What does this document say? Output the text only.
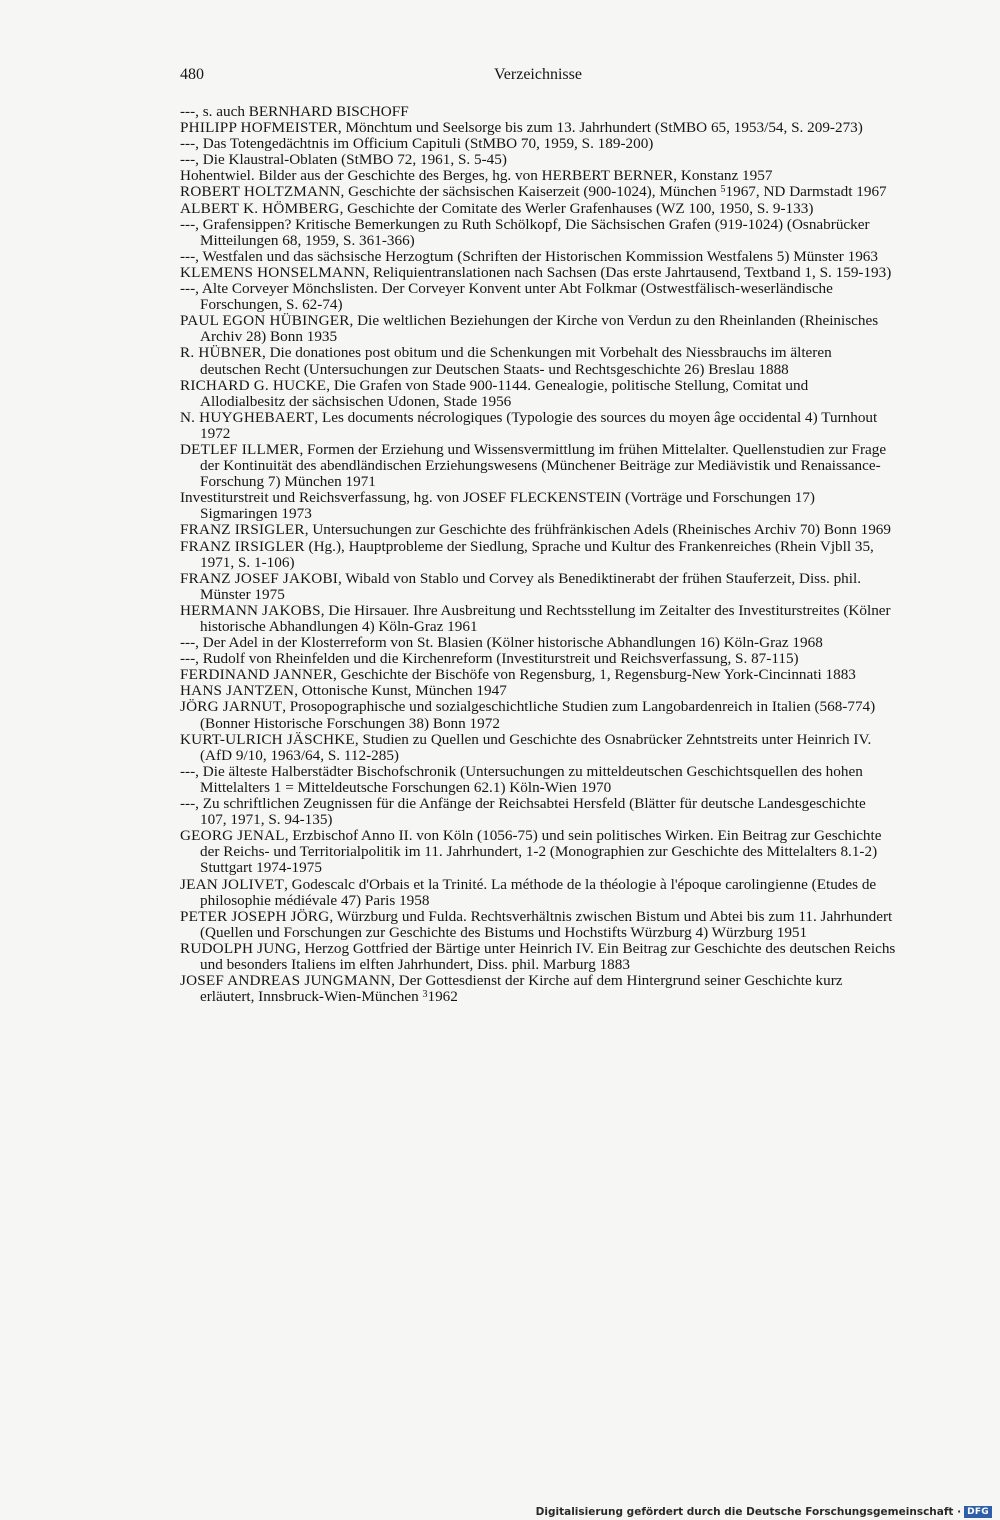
480	Verzeichnisse
---, s. auch BERNHARD BISCHOFF
PHILIPP HOFMEISTER, Mönchtum und Seelsorge bis zum 13. Jahrhundert (StMBO 65, 1953/54, S. 209-273)
---, Das Totengedächtnis im Officium Capituli (StMBO 70, 1959, S. 189-200)
---, Die Klaustral-Oblaten (StMBO 72, 1961, S. 5-45)
Hohentwiel. Bilder aus der Geschichte des Berges, hg. von HERBERT BERNER, Konstanz 1957
ROBERT HOLTZMANN, Geschichte der sächsischen Kaiserzeit (900-1024), München $^5$1967, ND Darmstadt 1967
ALBERT K. HÖMBERG, Geschichte der Comitate des Werler Grafenhauses (WZ 100, 1950, S. 9-133)
---, Grafensippen? Kritische Bemerkungen zu Ruth Schölkopf, Die Sächsischen Grafen (919-1024) (Osnabrücker Mitteilungen 68, 1959, S. 361-366)
---, Westfalen und das sächsische Herzogtum (Schriften der Historischen Kommission Westfalens 5) Münster 1963
KLEMENS HONSELMANN, Reliquientranslationen nach Sachsen (Das erste Jahrtausend, Textband 1, S. 159-193)
---, Alte Corveyer Mönchslisten. Der Corveyer Konvent unter Abt Folkmar (Ostwestfälisch-weserländische Forschungen, S. 62-74)
PAUL EGON HÜBINGER, Die weltlichen Beziehungen der Kirche von Verdun zu den Rheinlanden (Rheinisches Archiv 28) Bonn 1935
R. HÜBNER, Die donationes post obitum und die Schenkungen mit Vorbehalt des Niessbrauchs im älteren deutschen Recht (Untersuchungen zur Deutschen Staats- und Rechtsgeschichte 26) Breslau 1888
RICHARD G. HUCKE, Die Grafen von Stade 900-1144. Genealogie, politische Stellung, Comitat und Allodialbesitz der sächsischen Udonen, Stade 1956
N. HUYGHEBAERT, Les documents nécrologiques (Typologie des sources du moyen âge occidental 4) Turnhout 1972
DETLEF ILLMER, Formen der Erziehung und Wissensvermittlung im frühen Mittelalter. Quellenstudien zur Frage der Kontinuität des abendländischen Erziehungswesens (Münchener Beiträge zur Mediävistik und Renaissance-Forschung 7) München 1971
Investiturstreit und Reichsverfassung, hg. von JOSEF FLECKENSTEIN (Vorträge und Forschungen 17) Sigmaringen 1973
FRANZ IRSIGLER, Untersuchungen zur Geschichte des frühfränkischen Adels (Rheinisches Archiv 70) Bonn 1969
FRANZ IRSIGLER (Hg.), Hauptprobleme der Siedlung, Sprache und Kultur des Frankenreiches (Rhein Vjbll 35, 1971, S. 1-106)
FRANZ JOSEF JAKOBI, Wibald von Stablo und Corvey als Benediktinerabt der frühen Stauferzeit, Diss. phil. Münster 1975
HERMANN JAKOBS, Die Hirsauer. Ihre Ausbreitung und Rechtsstellung im Zeitalter des Investiturstreites (Kölner historische Abhandlungen 4) Köln-Graz 1961
---, Der Adel in der Klosterreform von St. Blasien (Kölner historische Abhandlungen 16) Köln-Graz 1968
---, Rudolf von Rheinfelden und die Kirchenreform (Investiturstreit und Reichsverfassung, S. 87-115)
FERDINAND JANNER, Geschichte der Bischöfe von Regensburg, 1, Regensburg-New York-Cincinnati 1883
HANS JANTZEN, Ottonische Kunst, München 1947
JÖRG JARNUT, Prosopographische und sozialgeschichtliche Studien zum Langobardenreich in Italien (568-774) (Bonner Historische Forschungen 38) Bonn 1972
KURT-ULRICH JÄSCHKE, Studien zu Quellen und Geschichte des Osnabrücker Zehntstreits unter Heinrich IV. (AfD 9/10, 1963/64, S. 112-285)
---, Die älteste Halberstädter Bischofschronik (Untersuchungen zu mitteldeutschen Geschichtsquellen des hohen Mittelalters 1 = Mitteldeutsche Forschungen 62.1) Köln-Wien 1970
---, Zu schriftlichen Zeugnissen für die Anfänge der Reichsabtei Hersfeld (Blätter für deutsche Landesgeschichte 107, 1971, S. 94-135)
GEORG JENAL, Erzbischof Anno II. von Köln (1056-75) und sein politisches Wirken. Ein Beitrag zur Geschichte der Reichs- und Territorialpolitik im 11. Jahrhundert, 1-2 (Monographien zur Geschichte des Mittelalters 8.1-2) Stuttgart 1974-1975
JEAN JOLIVET, Godescalc d'Orbais et la Trinité. La méthode de la théologie à l'époque carolingienne (Etudes de philosophie médiévale 47) Paris 1958
PETER JOSEPH JÖRG, Würzburg und Fulda. Rechtsverhältnis zwischen Bistum und Abtei bis zum 11. Jahrhundert (Quellen und Forschungen zur Geschichte des Bistums und Hochstifts Würzburg 4) Würzburg 1951
RUDOLPH JUNG, Herzog Gottfried der Bärtige unter Heinrich IV. Ein Beitrag zur Geschichte des deutschen Reichs und besonders Italiens im elften Jahrhundert, Diss. phil. Marburg 1883
JOSEF ANDREAS JUNGMANN, Der Gottesdienst der Kirche auf dem Hintergrund seiner Geschichte kurz erläutert, Innsbruck-Wien-München $^3$1962
Digitalisierung gefördert durch die Deutsche Forschungsgemeinschaft · DFG
